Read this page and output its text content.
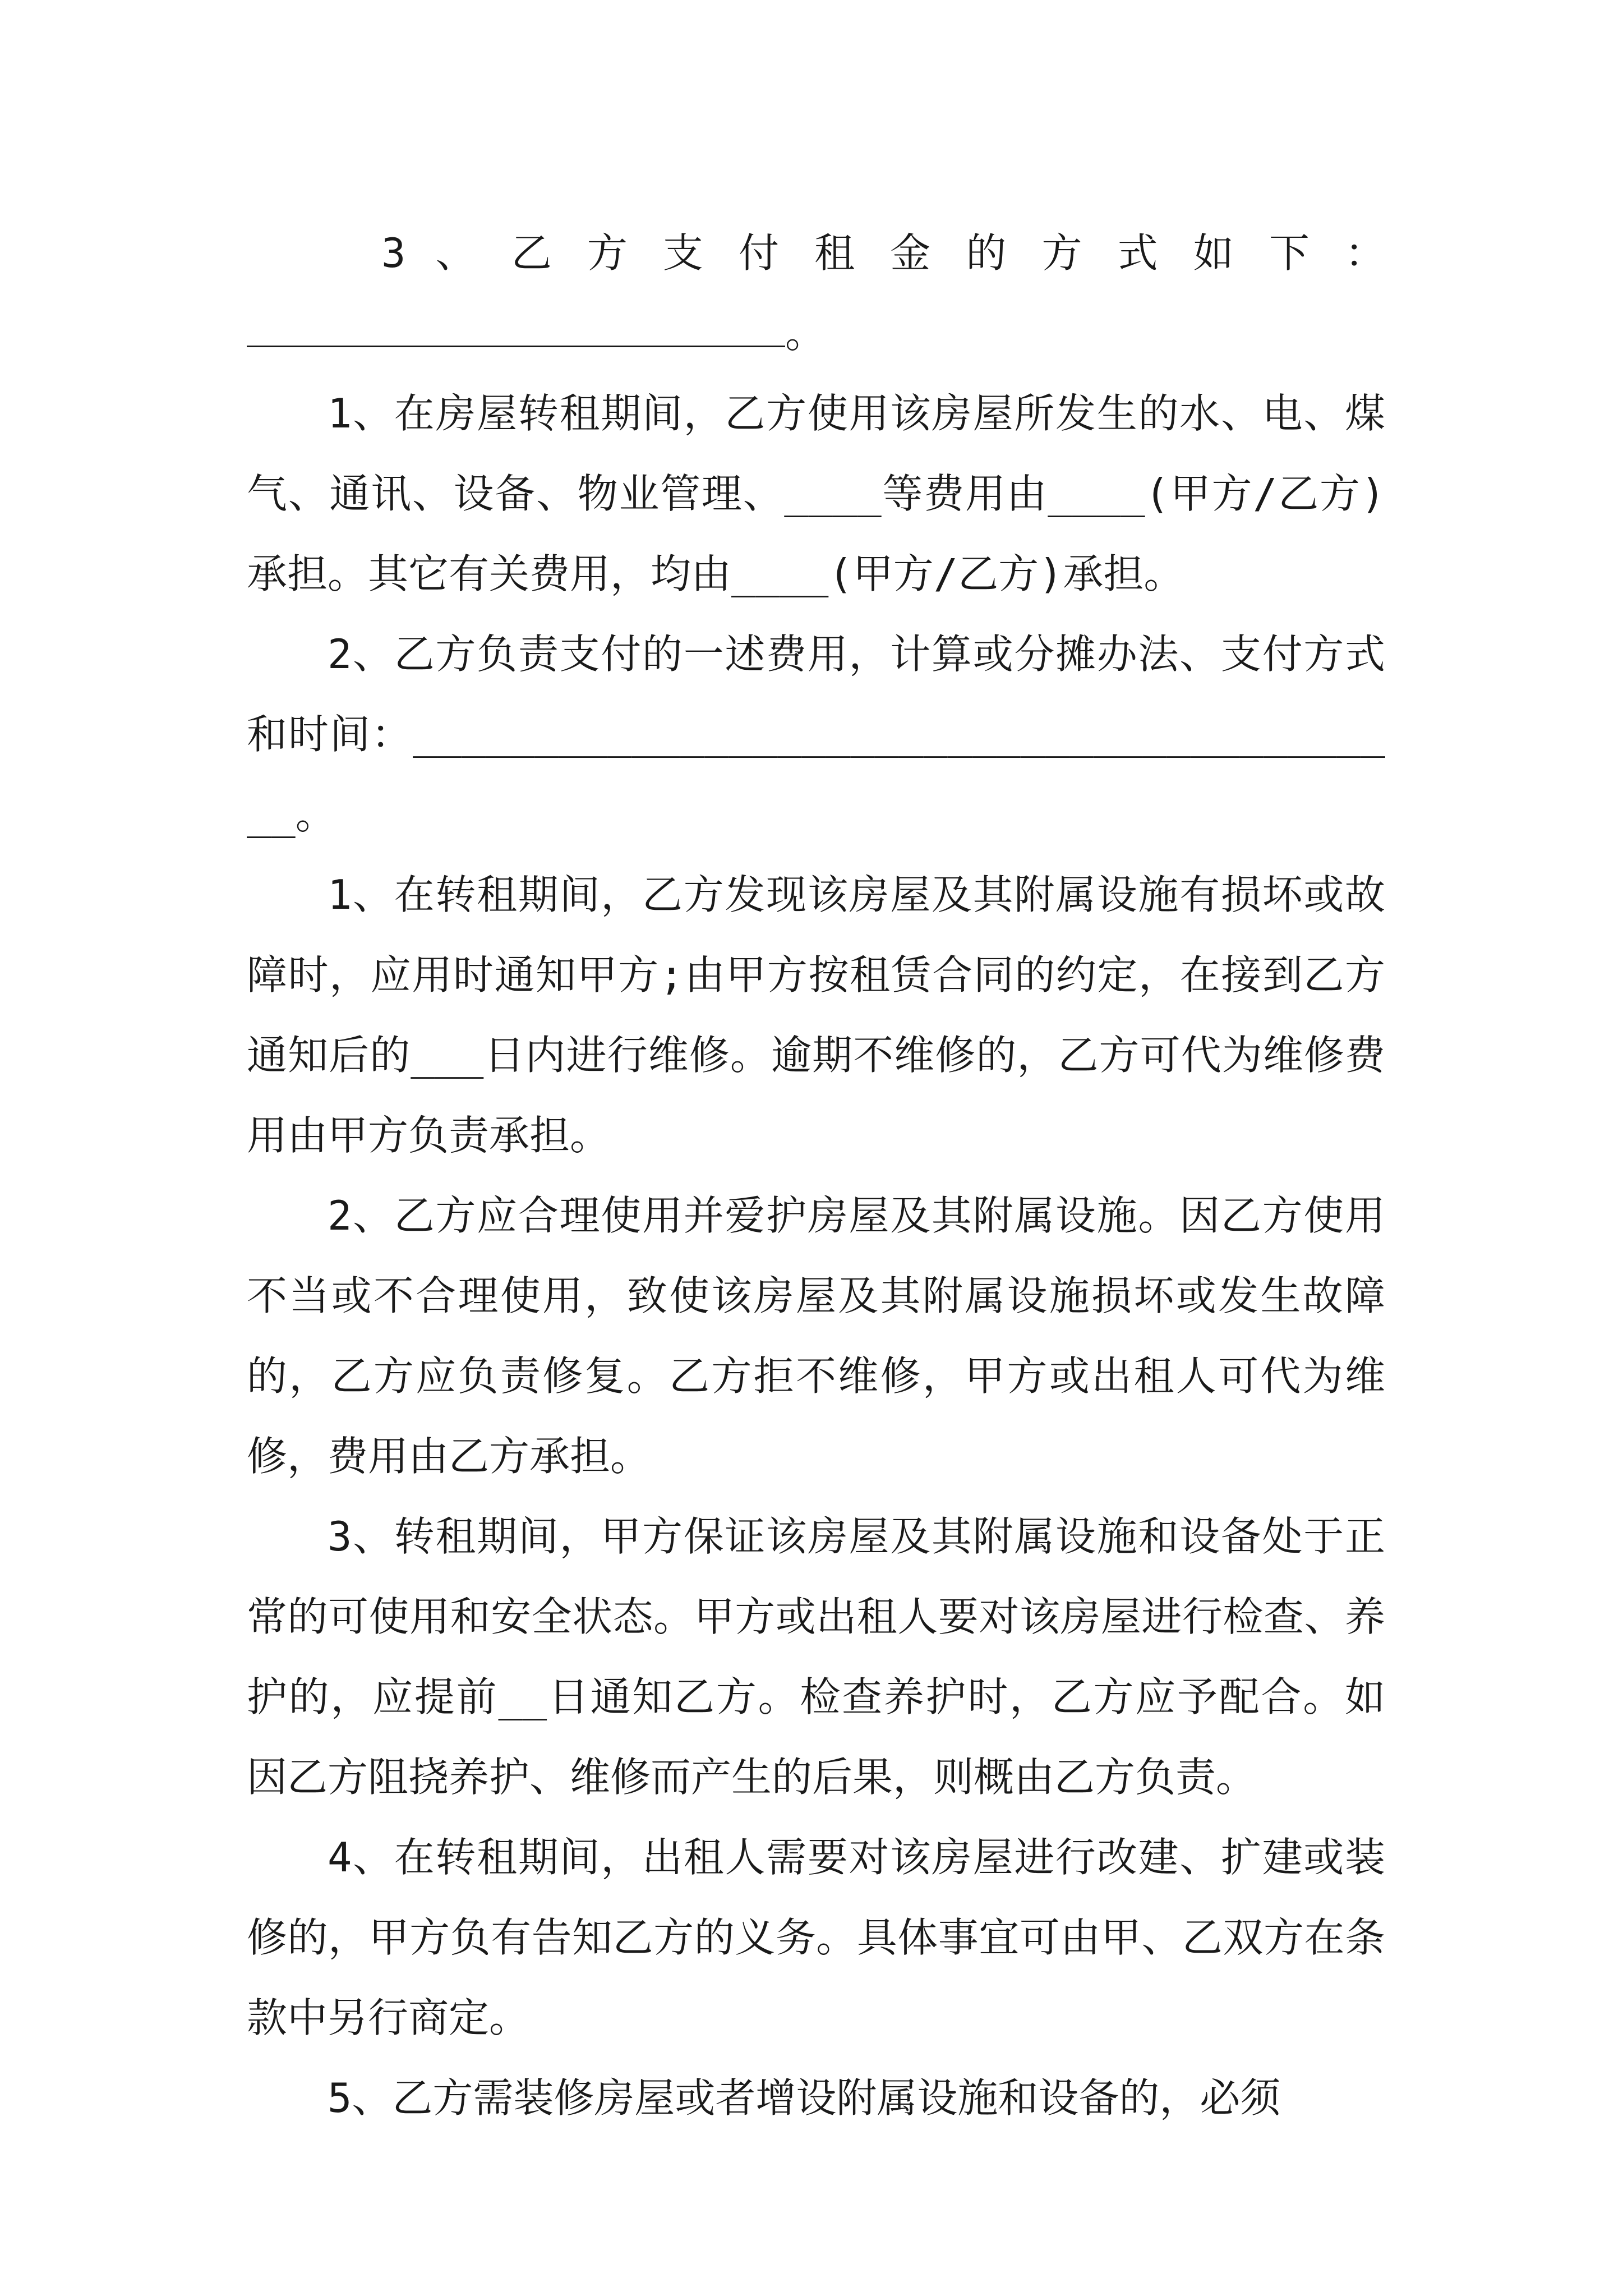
3 、 乙 方 支 付 租 金 的 方 式 如 下 ：

。

1、在房屋转租期间，乙方使用该房屋所发生的水、电、煤气、通讯、设备、物业管理、____等费用由____(甲方/乙方)承担。其它有关费用，均由____(甲方/乙方)承担。

2、乙方负责支付的一述费用，计算或分摊办法、支付方式和时间：__________________________________________。

1、在转租期间，乙方发现该房屋及其附属设施有损坏或故障时，应用时通知甲方;由甲方按租赁合同的约定，在接到乙方通知后的___日内进行维修。逾期不维修的，乙方可代为维修费用由甲方负责承担。

2、乙方应合理使用并爱护房屋及其附属设施。因乙方使用不当或不合理使用，致使该房屋及其附属设施损坏或发生故障的，乙方应负责修复。乙方拒不维修，甲方或出租人可代为维修，费用由乙方承担。

3、转租期间，甲方保证该房屋及其附属设施和设备处于正常的可使用和安全状态。甲方或出租人要对该房屋进行检查、养护的，应提前__日通知乙方。检查养护时，乙方应予配合。如因乙方阻挠养护、维修而产生的后果，则概由乙方负责。

4、在转租期间，出租人需要对该房屋进行改建、扩建或装修的，甲方负有告知乙方的义务。具体事宜可由甲、乙双方在条款中另行商定。

5、乙方需装修房屋或者增设附属设施和设备的，必须
